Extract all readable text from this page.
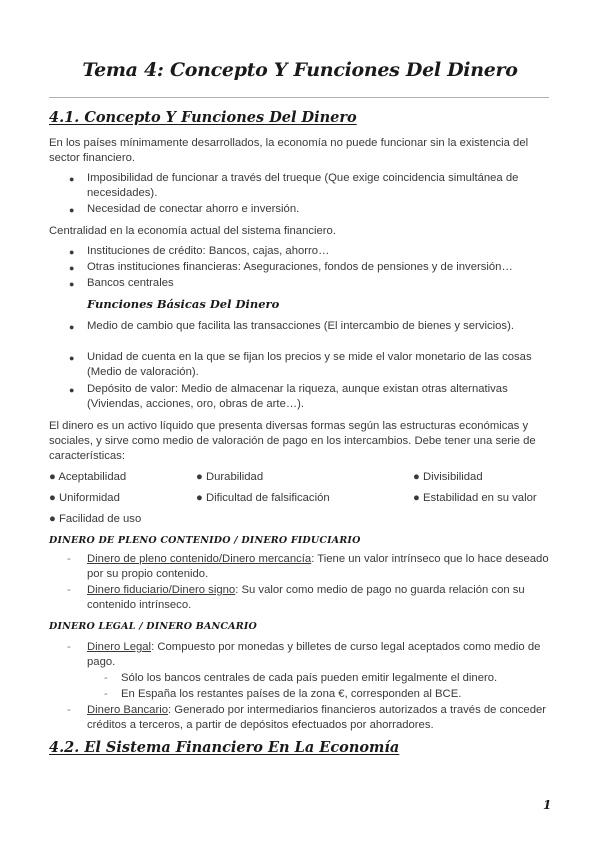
Tema 4: Concepto Y Funciones Del Dinero
4.1. Concepto Y Funciones Del Dinero
En los países mínimamente desarrollados, la economía no puede funcionar sin la existencia del sector financiero.
● Imposibilidad de funcionar a través del trueque (Que exige coincidencia simultánea de necesidades).
● Necesidad de conectar ahorro e inversión.
Centralidad en la economía actual del sistema financiero.
● Instituciones de crédito: Bancos, cajas, ahorro…
● Otras instituciones financieras: Aseguraciones, fondos de pensiones y de inversión…
● Bancos centrales
Funciones Básicas Del Dinero
● Medio de cambio que facilita las transacciones (El intercambio de bienes y servicios).
● Unidad de cuenta en la que se fijan los precios y se mide el valor monetario de las cosas (Medio de valoración).
● Depósito de valor: Medio de almacenar la riqueza, aunque existan otras alternativas (Viviendas, acciones, oro, obras de arte…).
El dinero es un activo líquido que presenta diversas formas según las estructuras económicas y sociales, y sirve como medio de valoración de pago en los intercambios. Debe tener una serie de características:
● Aceptabilidad	● Durabilidad	● Divisibilidad
● Uniformidad	● Dificultad de falsificación	● Estabilidad en su valor
● Facilidad de uso
DINERO DE PLENO CONTENIDO / DINERO FIDUCIARIO
- Dinero de pleno contenido/Dinero mercancía: Tiene un valor intrínseco que lo hace deseado por su propio contenido.
- Dinero fiduciario/Dinero signo: Su valor como medio de pago no guarda relación con su contenido intrínseco.
DINERO LEGAL / DINERO BANCARIO
- Dinero Legal: Compuesto por monedas y billetes de curso legal aceptados como medio de pago.
- Sólo los bancos centrales de cada país pueden emitir legalmente el dinero.
- En España los restantes países de la zona €, corresponden al BCE.
- Dinero Bancario: Generado por intermediarios financieros autorizados a través de conceder créditos a terceros, a partir de depósitos efectuados por ahorradores.
4.2. El Sistema Financiero En La Economía
1
